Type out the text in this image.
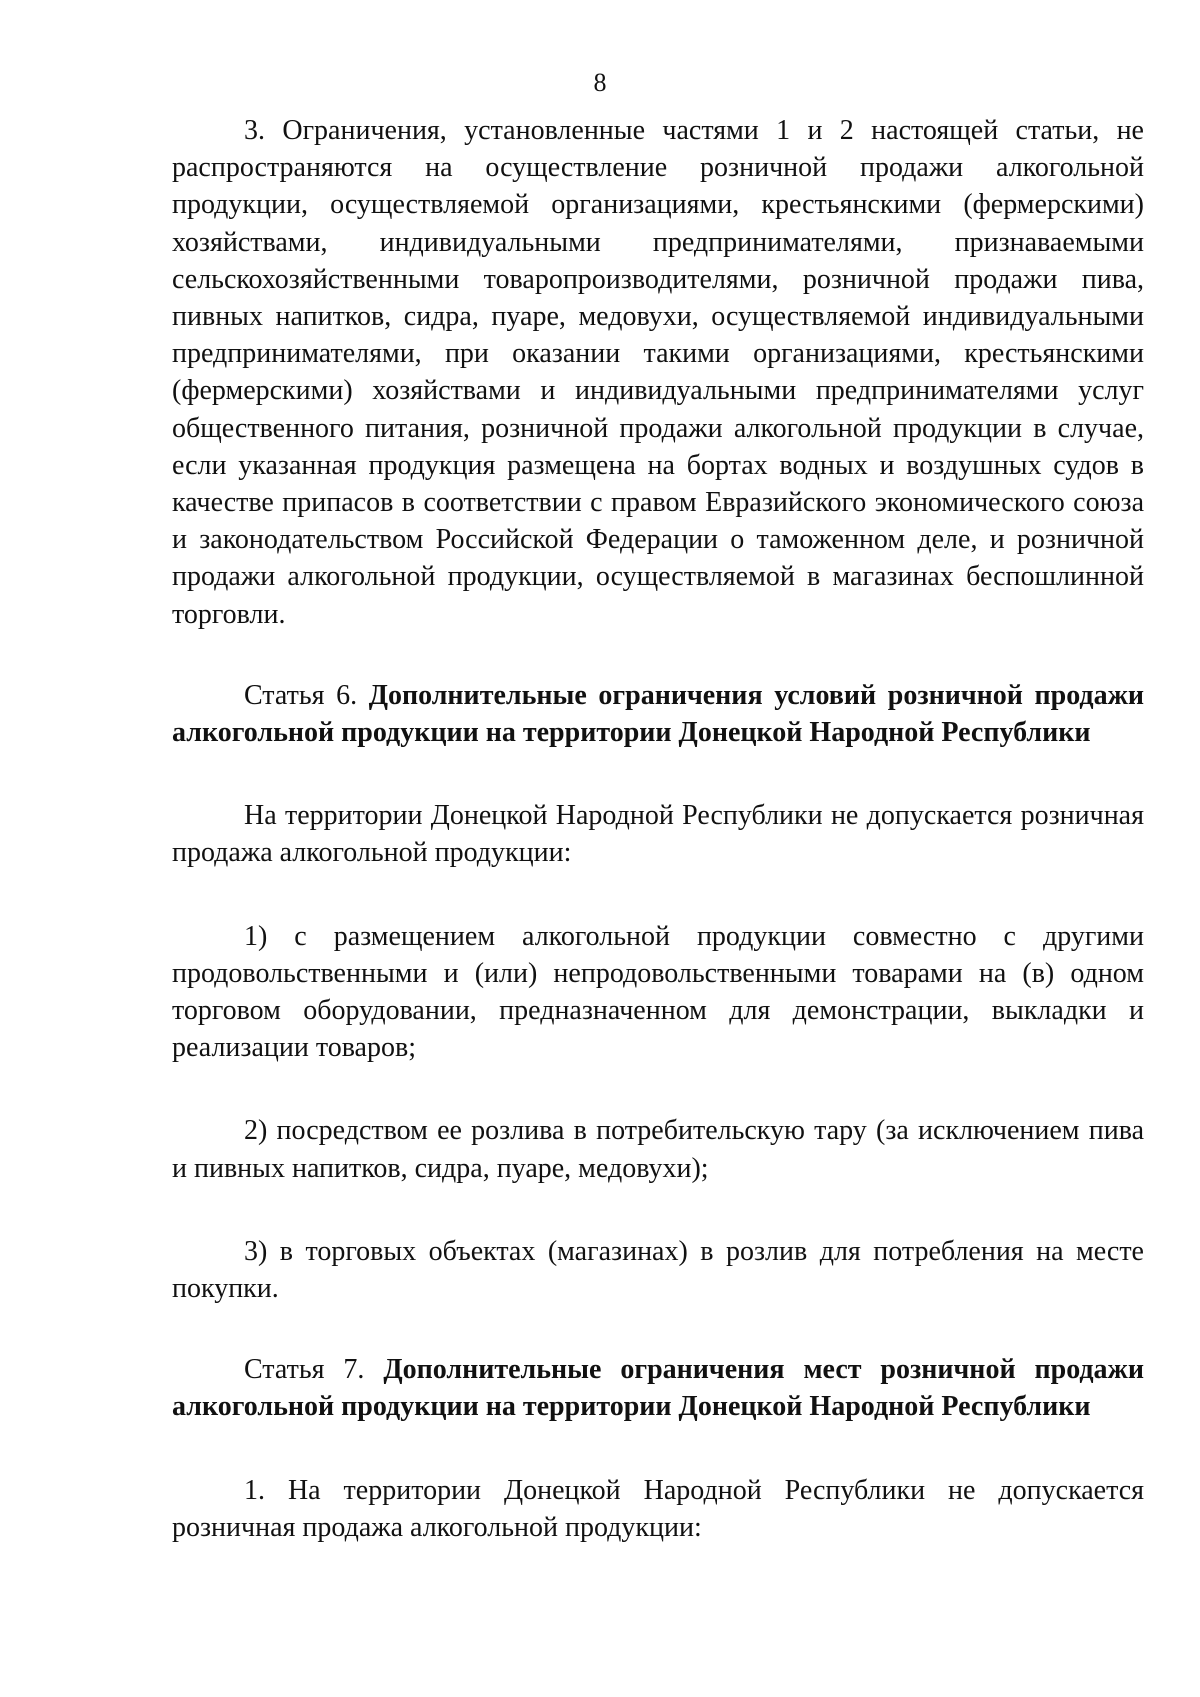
8

3. Ограничения, установленные частями 1 и 2 настоящей статьи, не распространяются на осуществление розничной продажи алкогольной продукции, осуществляемой организациями, крестьянскими (фермерскими) хозяйствами, индивидуальными предпринимателями, признаваемыми сельскохозяйственными товаропроизводителями, розничной продажи пива, пивных напитков, сидра, пуаре, медовухи, осуществляемой индивидуальными предпринимателями, при оказании такими организациями, крестьянскими (фермерскими) хозяйствами и индивидуальными предпринимателями услуг общественного питания, розничной продажи алкогольной продукции в случае, если указанная продукция размещена на бортах водных и воздушных судов в качестве припасов в соответствии с правом Евразийского экономического союза и законодательством Российской Федерации о таможенном деле, и розничной продажи алкогольной продукции, осуществляемой в магазинах беспошлинной торговли.

Статья 6. Дополнительные ограничения условий розничной продажи алкогольной продукции на территории Донецкой Народной Республики

На территории Донецкой Народной Республики не допускается розничная продажа алкогольной продукции:

1) с размещением алкогольной продукции совместно с другими продовольственными и (или) непродовольственными товарами на (в) одном торговом оборудовании, предназначенном для демонстрации, выкладки и реализации товаров;

2) посредством ее розлива в потребительскую тару (за исключением пива и пивных напитков, сидра, пуаре, медовухи);

3) в торговых объектах (магазинах) в розлив для потребления на месте покупки.

Статья 7. Дополнительные ограничения мест розничной продажи алкогольной продукции на территории Донецкой Народной Республики

1. На территории Донецкой Народной Республики не допускается розничная продажа алкогольной продукции:
